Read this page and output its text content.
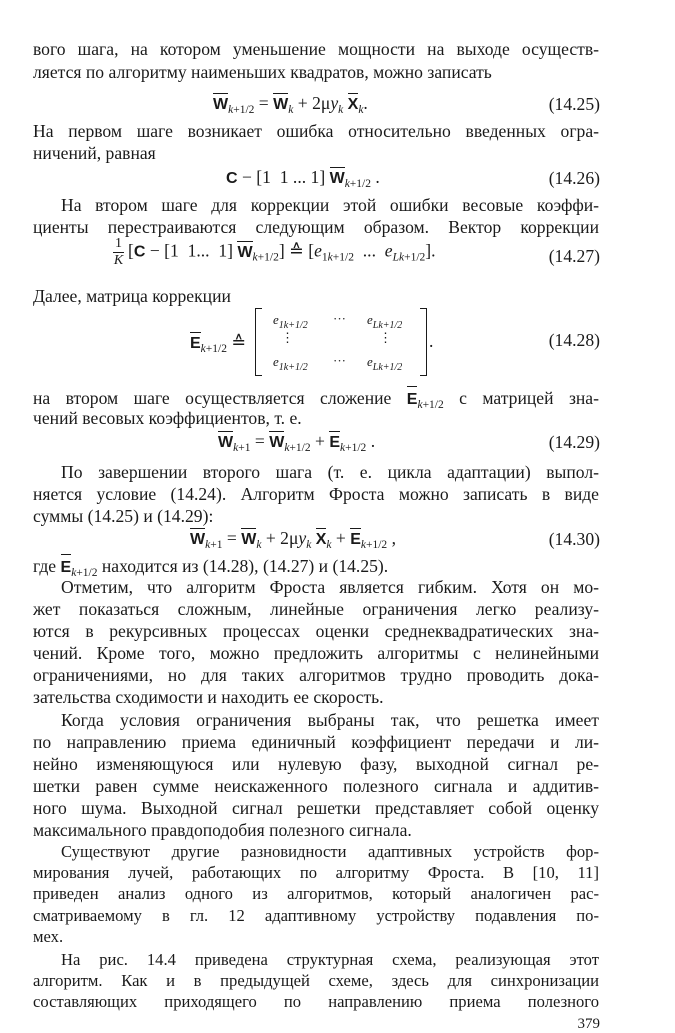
вого шага, на котором уменьшение мощности на выходе осуществ-
ляется по алгоритму наименьших квадратов, можно записать
$W_{k+1/2} = W_k + 2\mu y_k$ $X_k$.	(14.25)
На первом шаге возникает ошибка относительно введенных огра-
ничений, равная
C − [1  1 ... 1] $W_{k+1/2}$ .	(14.26)
На втором шаге для коррекции этой ошибки весовые коэффи-
циенты перестраиваются следующим образом. Вектор коррекции
$\frac{1}{K} [C - [1$  1...  1] $W_{k+1/2}$] ≙ [$e_{1k+1/2}$  ...  $e_{Lk+1/2}$].	(14.27)
Далее, матрица коррекции
$E_{k+1/2}$ ≙
$e_{1k+1/2}$ ··· $e_{Lk+1/2}$
⋮	⋮
$e_{1k+1/2}$ ··· $e_{Lk+1/2}$
.	(14.28)
на втором шаге осуществляется сложение $E_{k+1/2}$ с матрицей зна-
чений весовых коэффициентов, т. е.
$W_{k+1} = W_{k+1/2} + E_{k+1/2}$ .	(14.29)
По завершении второго шага (т. е. цикла адаптации) выпол-
няется условие (14.24). Алгоритм Фроста можно записать в виде
суммы (14.25) и (14.29):
$W_{k+1} = W_k + 2\mu y_k$ $X_k + E_{k+1/2}$ ,	(14.30)
где $E_{k+1/2}$ находится из (14.28), (14.27) и (14.25).
Отметим, что алгоритм Фроста является гибким. Хотя он мо-
жет показаться сложным, линейные ограничения легко реализу-
ются в рекурсивных процессах оценки среднеквадратических зна-
чений. Кроме того, можно предложить алгоритмы с нелинейными
ограничениями, но для таких алгоритмов трудно проводить дока-
зательства сходимости и находить ее скорость.
Когда условия ограничения выбраны так, что решетка имеет
по направлению приема единичный коэффициент передачи и ли-
нейно изменяющуюся или нулевую фазу, выходной сигнал ре-
шетки равен сумме неискаженного полезного сигнала и аддитив-
ного шума. Выходной сигнал решетки представляет собой оценку
максимального правдоподобия полезного сигнала.
Существуют другие разновидности адаптивных устройств фор-
мирования лучей, работающих по алгоритму Фроста. В [10, 11]
приведен анализ одного из алгоритмов, который аналогичен рас-
сматриваемому в гл. 12 адаптивному устройству подавления по-
мех.
379
На рис. 14.4 приведена структурная схема, реализующая этот
алгоритм. Как и в предыдущей схеме, здесь для синхронизации
составляющих приходящего по направлению приема полезного
